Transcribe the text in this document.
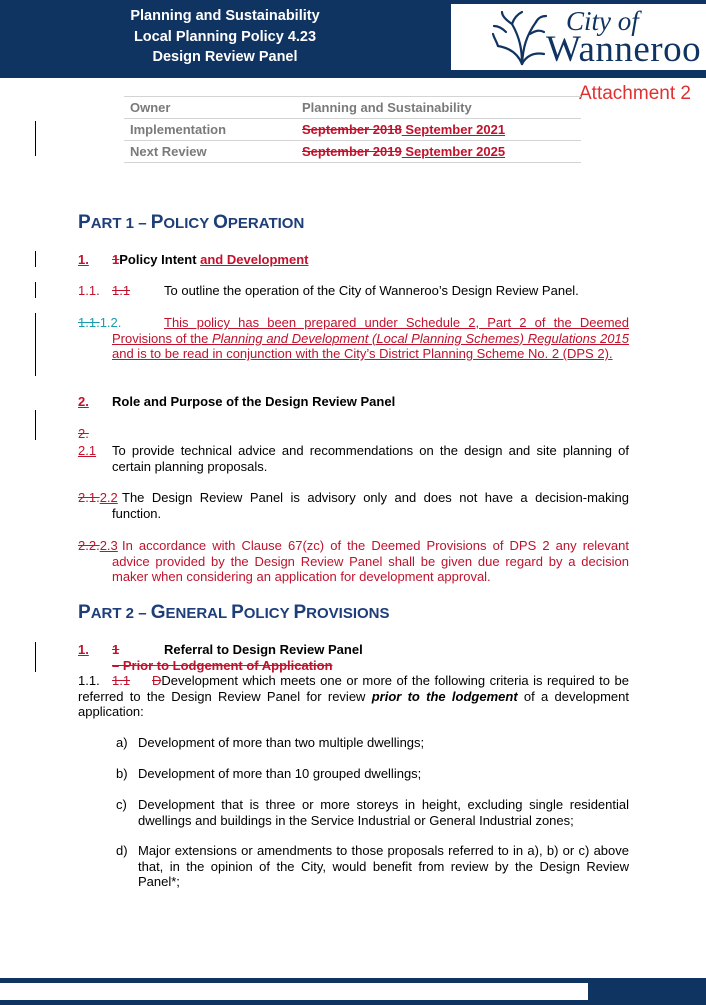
Planning and Sustainability
Local Planning Policy 4.23
Design Review Panel
City of
Wanneroo
Attachment 2
Owner	Planning and Sustainability
Implementation	September 2018 September 2021
Next Review	September 2019 September 2025
PART 1 – POLICY OPERATION
1. 1Policy Intent and Development
1.1. 1.1	To outline the operation of the City of Wanneroo’s Design Review Panel.
1.1.1.2.	This policy has been prepared under Schedule 2, Part 2 of the Deemed Provisions of the Planning and Development (Local Planning Schemes) Regulations 2015 and is to be read in conjunction with the City’s District Planning Scheme No. 2 (DPS 2).
2. Role and Purpose of the Design Review Panel
2.
2.1 To provide technical advice and recommendations on the design and site planning of certain planning proposals.
2.1.2.2 The Design Review Panel is advisory only and does not have a decision-making function.
2.2.2.3 In accordance with Clause 67(zc) of the Deemed Provisions of DPS 2 any relevant advice provided by the Design Review Panel shall be given due regard by a decision maker when considering an application for development approval.
PART 2 – GENERAL POLICY PROVISIONS
1. 1	Referral to Design Review Panel
– Prior to Lodgement of Application
1.1. 1.1 DDevelopment which meets one or more of the following criteria is required to be referred to the Design Review Panel for review prior to the lodgement of a development application:
a) Development of more than two multiple dwellings;
b) Development of more than 10 grouped dwellings;
c) Development that is three or more storeys in height, excluding single residential dwellings and buildings in the Service Industrial or General Industrial zones;
d) Major extensions or amendments to those proposals referred to in a), b) or c) above that, in the opinion of the City, would benefit from review by the Design Review Panel*;
